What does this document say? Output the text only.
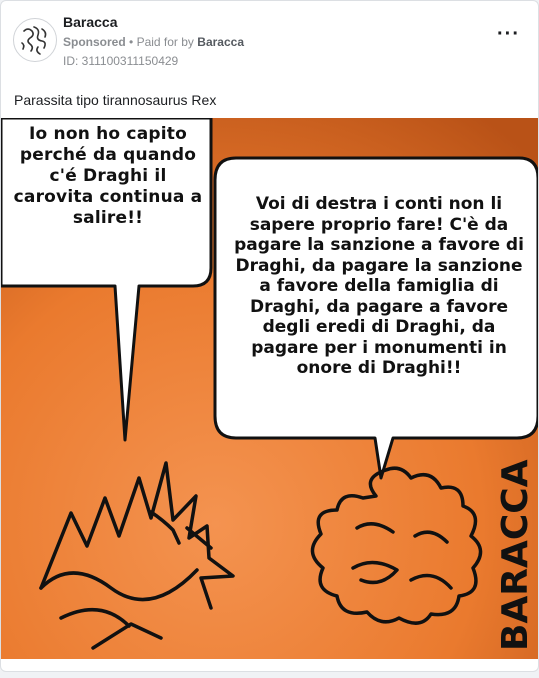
Baracca
Sponsored • Paid for by Baracca
ID: 311100311150429
···
Parassita tipo tirannosaurus Rex
BARACCA
Io non ho capito perché da quando c'é Draghi il carovita continua a salire!!
Voi di destra i conti non li sapere proprio fare! C'è da pagare la sanzione a favore di Draghi, da pagare la sanzione a favore della famiglia di Draghi, da pagare a favore degli eredi di Draghi, da pagare per i monumenti in onore di Draghi!!
